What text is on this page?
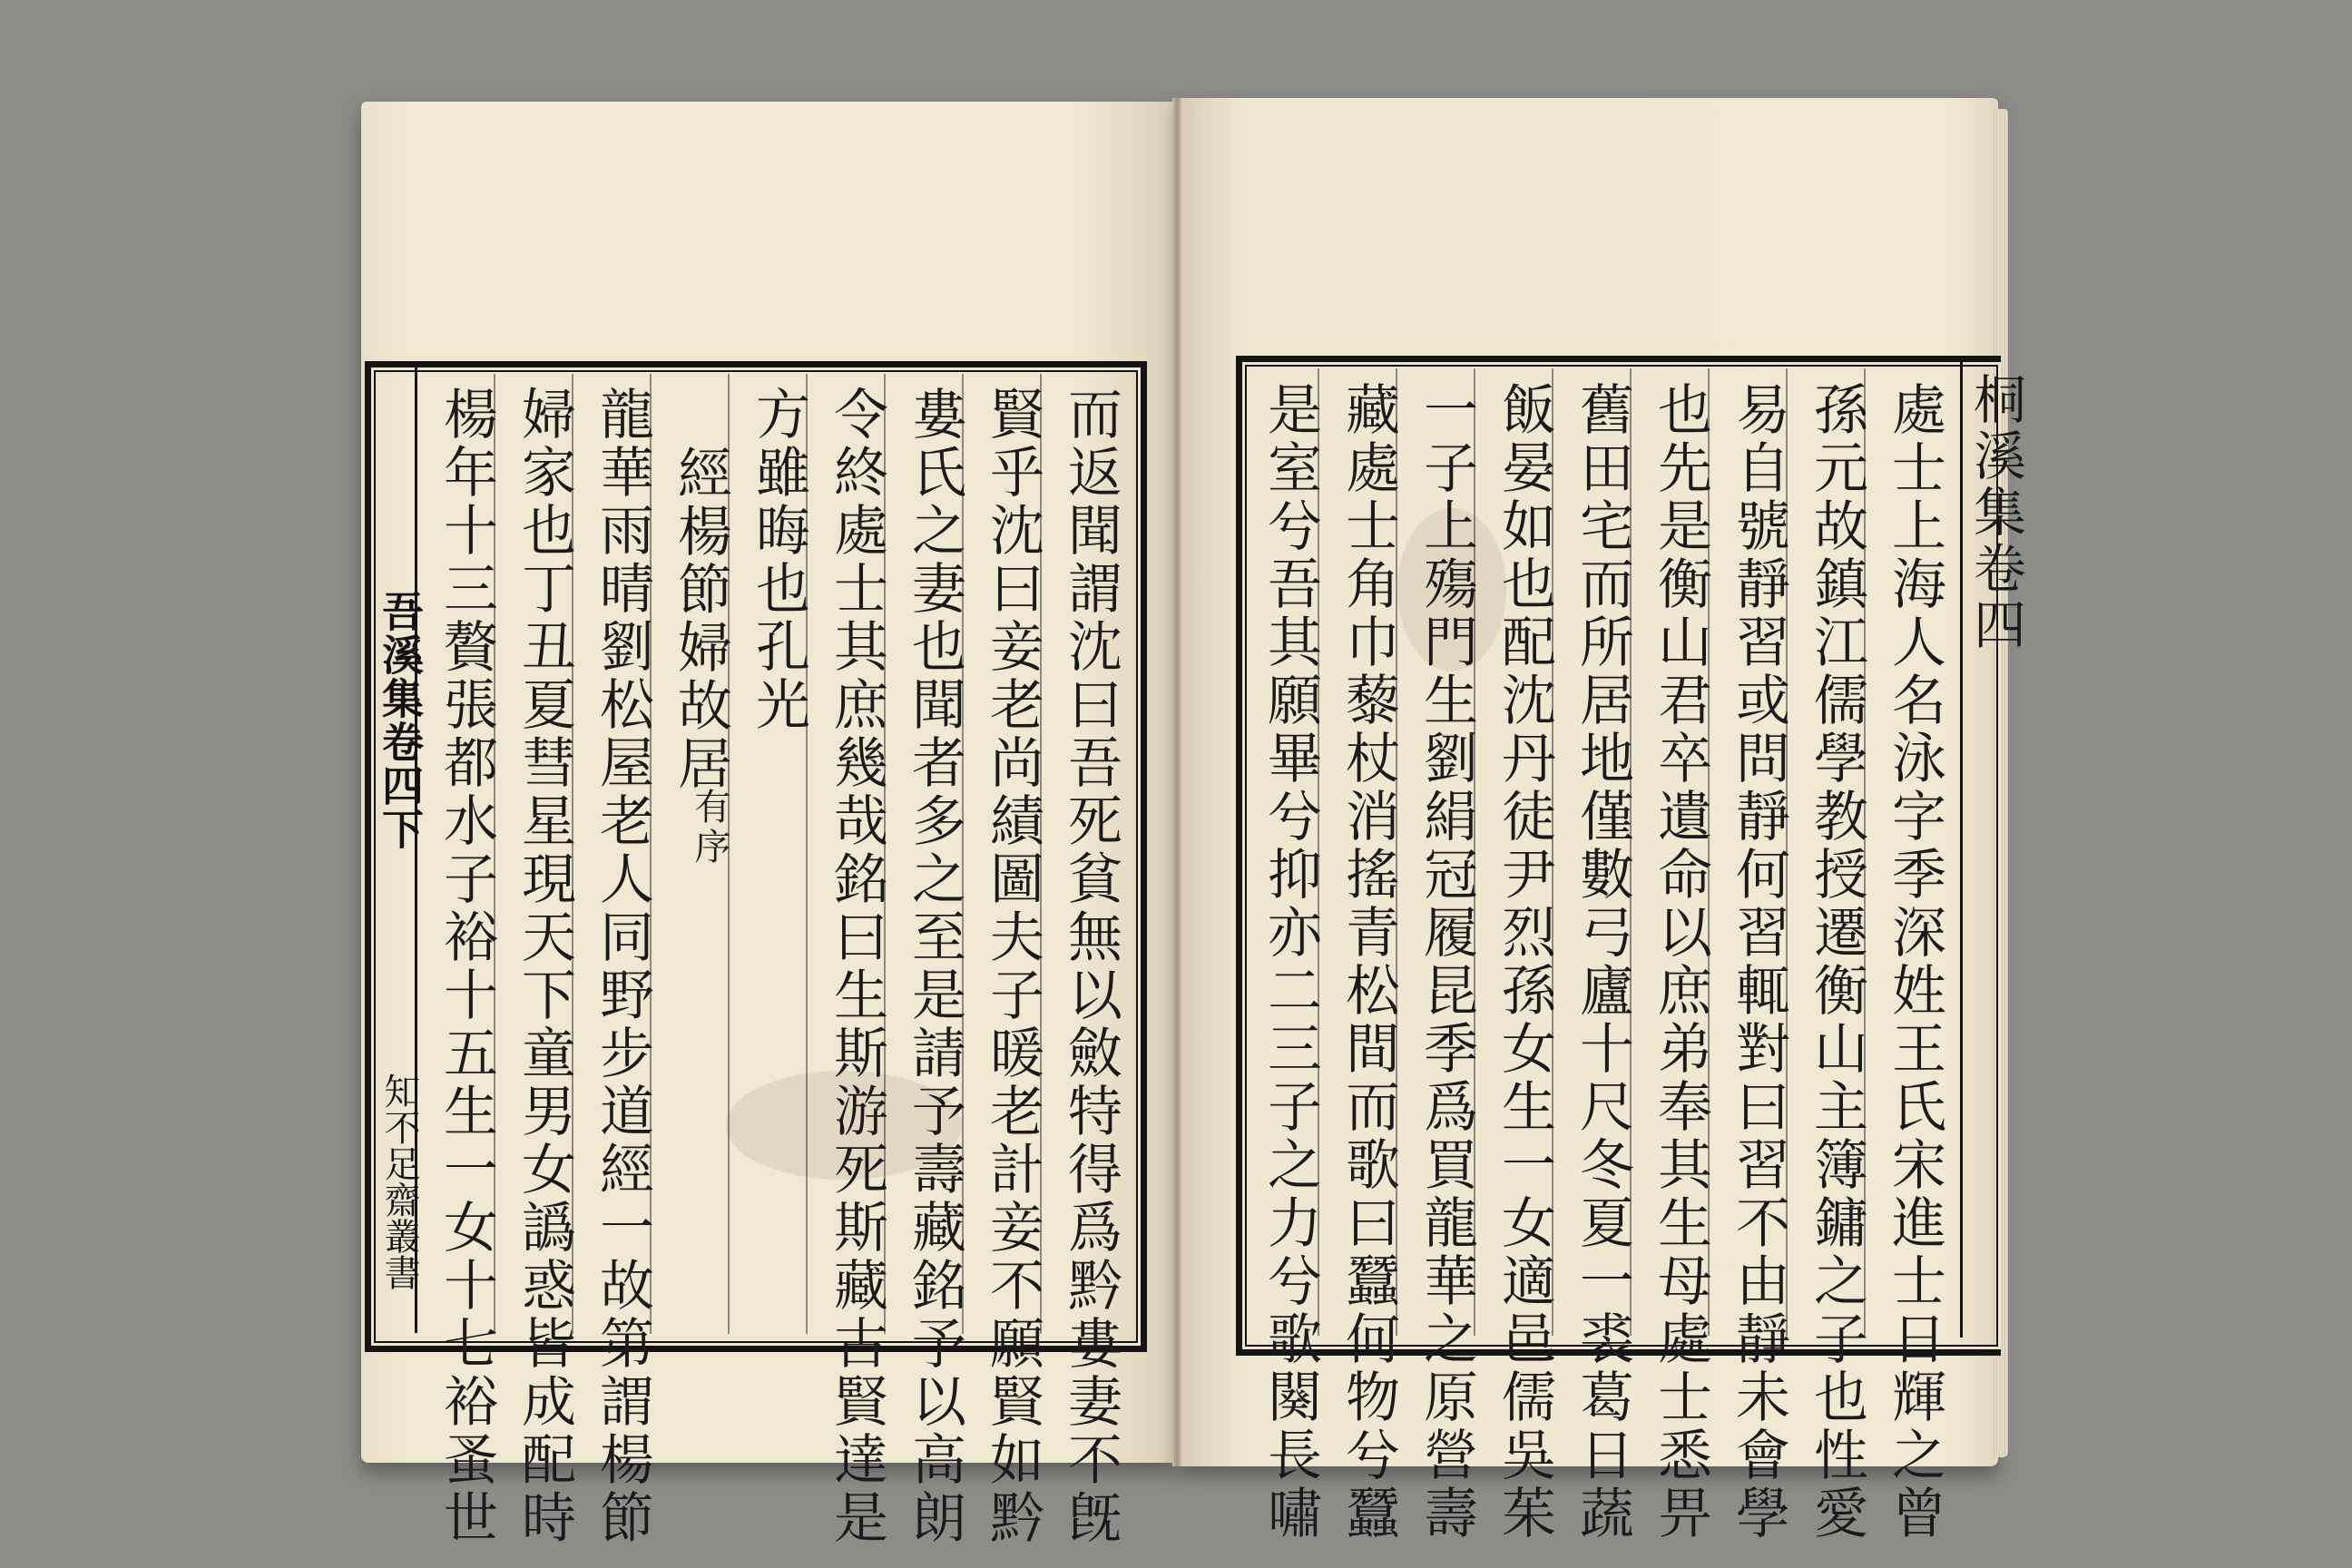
吾溪集卷四下
知不足齋叢書	而返聞謂沈曰吾死貧無以斂特得爲黔婁妻不旣
賢乎沈曰妾老尚績圖夫子暖老計妾不願賢如黔
婁氏之妻也聞者多之至是請予壽藏銘予以高朗
令終處士其庶幾哉銘曰生斯游死斯藏古賢達是
方雖晦也孔光
經楊節婦故居
有序
龍華雨晴劉松屋老人同野步道經一故第謂楊節
婦家也丁丑夏彗星現天下童男女譌惑皆成配時
楊年十三贅張都水子裕十五生一女十七裕蚤世	桐溪集卷四
處士上海人名泳字季深姓王氏宋進士日輝之曾
孫元故鎮江儒學教授遷衡山主簿鏞之子也性愛
易自號靜習或問靜何習輒對曰習不由靜未會學
也先是衡山君卒遺命以庶弟奉其生母處士悉畀
舊田宅而所居地僅數弓廬十尺冬夏一裘葛日蔬
飯晏如也配沈丹徒尹烈孫女生一女適邑儒吳茱
一子上殤門生劉絹冠履昆季爲買龍華之原營壽
藏處士角巾藜杖消搖青松間而歌曰蠶何物兮蠶
是室兮吾其願畢兮抑亦二三子之力兮歌闋長嘯
